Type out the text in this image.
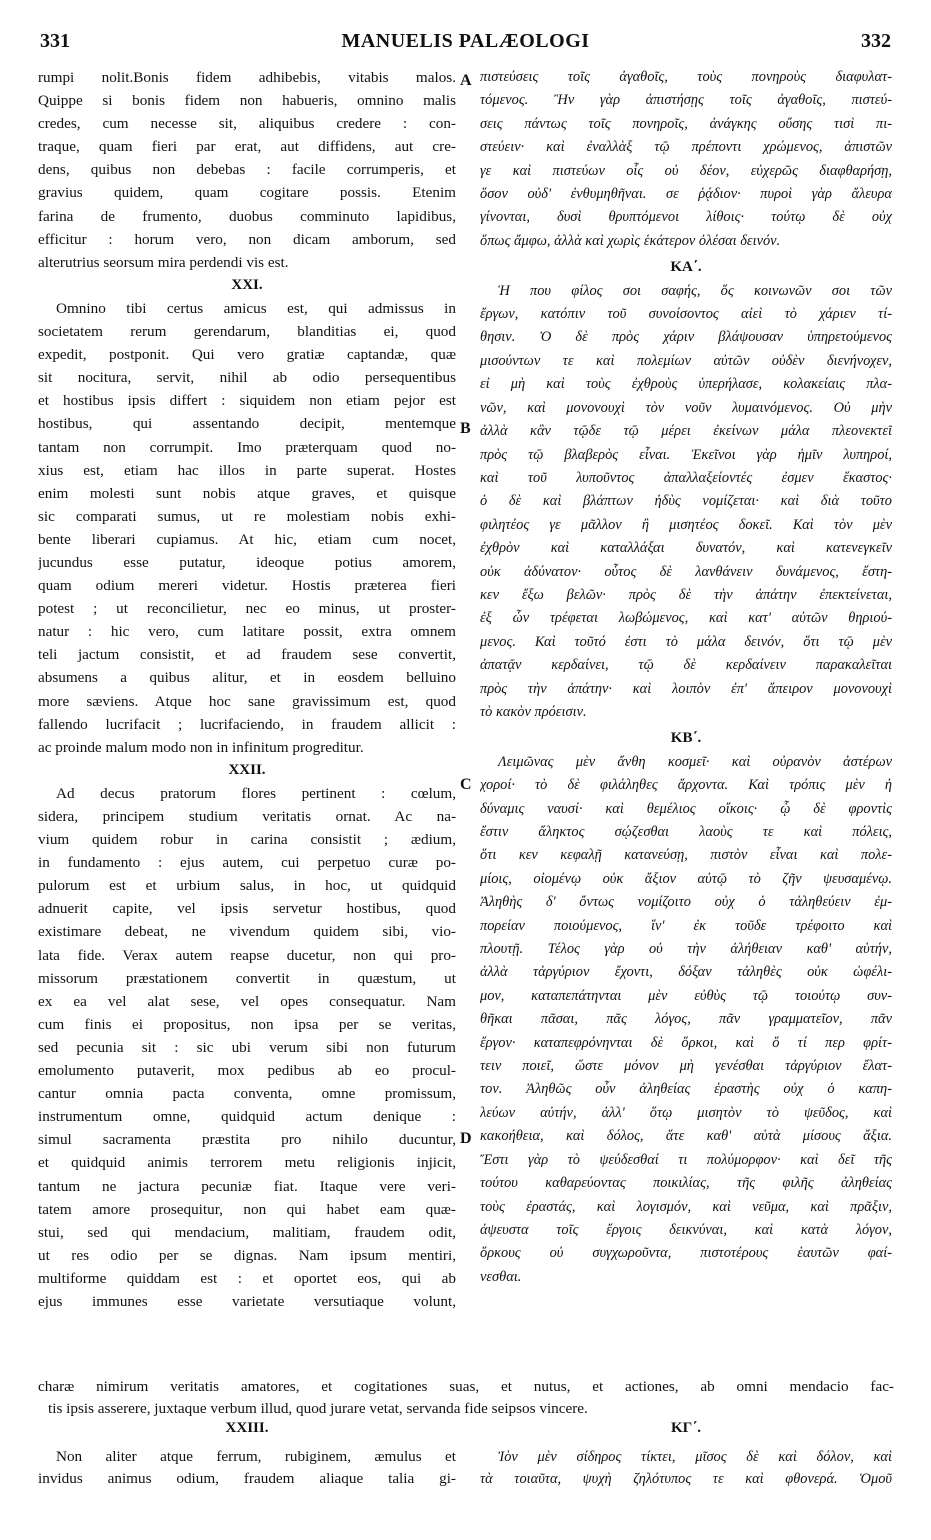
331	MANUELIS PALÆOLOGI	332
A
B
C
D
rumpi nolit.Bonis fidem adhibebis, vitabis malos.
Quippe si bonis fidem non habueris, omnino malis
credes, cum necesse sit, aliquibus credere : con-
traque, quam fieri par erat, aut diffidens, aut cre-
dens, quibus non debebas : facile corrumperis, et
gravius quidem, quam cogitare possis. Etenim
farina de frumento, duobus comminuto lapidibus,
efficitur : horum vero, non dicam amborum, sed
alterutrius seorsum mira perdendi vis est.
XXI.
Omnino tibi certus amicus est, qui admissus in
societatem rerum gerendarum, blanditias ei, quod
expedit, postponit. Qui vero gratiæ captandæ, quæ
sit nocitura, servit, nihil ab odio persequentibus
et hostibus ipsis differt : siquidem non etiam pejor est
hostibus, qui assentando decipit, mentemque
tantam non corrumpit. Imo præterquam quod no-
xius est, etiam hac illos in parte superat. Hostes
enim molesti sunt nobis atque graves, et quisque
sic comparati sumus, ut re molestiam nobis exhi-
bente liberari cupiamus. At hic, etiam cum nocet,
jucundus esse putatur, ideoque potius amorem,
quam odium mereri videtur. Hostis præterea fieri
potest ; ut reconcilietur, nec eo minus, ut proster-
natur : hic vero, cum latitare possit, extra omnem
teli jactum consistit, et ad fraudem sese convertit,
absumens a quibus alitur, et in eosdem belluino
more sæviens. Atque hoc sane gravissimum est, quod
fallendo lucrifacit ; lucrifaciendo, in fraudem allicit :
ac proinde malum modo non in infinitum progreditur.
XXII.
Ad decus pratorum flores pertinent : cœlum,
sidera, principem studium veritatis ornat. Ac na-
vium quidem robur in carina consistit ; ædium,
in fundamento : ejus autem, cui perpetuo curæ po-
pulorum est et urbium salus, in hoc, ut quidquid
adnuerit capite, vel ipsis servetur hostibus, quod
existimare debeat, ne vivendum quidem sibi, vio-
lata fide. Verax autem reapse ducetur, non qui pro-
missorum præstationem convertit in quæstum, ut
ex ea vel alat sese, vel opes consequatur. Nam
cum finis ei propositus, non ipsa per se veritas,
sed pecunia sit : sic ubi verum sibi non futurum
emolumento putaverit, mox pedibus ab eo procul-
cantur omnia pacta conventa, omne promissum,
instrumentum omne, quidquid actum denique :
simul sacramenta præstita pro nihilo ducuntur,
et quidquid animis terrorem metu religionis injicit,
tantum ne jactura pecuniæ fiat. Itaque vere veri-
tatem amore prosequitur, non qui habet eam quæ-
stui, sed qui mendacium, malitiam, fraudem odit,
ut res odio per se dignas. Nam ipsum mentiri,
multiforme quiddam est : et oportet eos, qui ab
ejus immunes esse varietate versutiaque volunt,
πιστεύσεις τοῖς ἀγαθοῖς, τοὺς πονηροὺς διαφυλατ-
τόμενος. Ἢν γὰρ ἀπιστήσῃς τοῖς ἀγαθοῖς, πιστεύ-
σεις πάντως τοῖς πονηροῖς, ἀνάγκης οὔσης τισὶ πι-
στεύειν· καὶ ἐναλλὰξ τῷ πρέποντι χρώμενος, ἀπιστῶν
γε καὶ πιστεύων οἷς οὐ δέον, εὐχερῶς διαφθαρήσῃ,
ὅσον οὐδ' ἐνθυμηθῆναι. σε ῥᾴδιον· πυροὶ γὰρ ἄλευρα
γίνονται, δυσὶ θρυπτόμενοι λίθοις· τούτῳ δὲ οὐχ
ὅπως ἄμφω, ἀλλὰ καὶ χωρὶς ἑκάτερον ὀλέσαι δεινόν.
ΚΑ΄.
Ἡ που φίλος σοι σαφής, ὅς κοινωνῶν σοι τῶν
ἔργων, κατόπιν τοῦ συνοίσοντος αἰεὶ τὸ χάριεν τί-
θησιν. Ὁ δὲ πρὸς χάριν βλάψουσαν ὑπηρετούμενος
μισούντων τε καὶ πολεμίων αὐτῶν οὐδὲν διενήνοχεν,
εἰ μὴ καὶ τοὺς ἐχθροὺς ὑπερήλασε, κολακείαις πλα-
νῶν, καὶ μονονουχὶ τὸν νοῦν λυμαινόμενος. Οὐ μὴν
ἀλλὰ κἂν τῷδε τῷ μέρει ἐκείνων μάλα πλεονεκτεῖ
πρὸς τῷ βλαβερὸς εἶναι. Ἐκεῖνοι γὰρ ἡμῖν λυπηροί,
καὶ τοῦ λυποῦντος ἀπαλλαξείοντές ἐσμεν ἕκαστος·
ὁ δὲ καὶ βλάπτων ἡδὺς νομίζεται· καὶ διὰ τοῦτο
φιλητέος γε μᾶλλον ἢ μισητέος δοκεῖ. Καὶ τὸν μὲν
ἐχθρὸν καὶ καταλλάξαι δυνατόν, καὶ κατενεγκεῖν
οὐκ ἀδύνατον· οὗτος δὲ λανθάνειν δυνάμενος, ἔστη-
κεν ἔξω βελῶν· πρὸς δὲ τὴν ἀπάτην ἐπεκτείνεται,
ἐξ ὧν τρέφεται λωβώμενος, καὶ κατ' αὐτῶν θηριού-
μενος. Καὶ τοῦτό ἐστι τὸ μάλα δεινόν, ὅτι τῷ μὲν
ἀπατᾷν κερδαίνει, τῷ δὲ κερδαίνειν παρακαλεῖται
πρὸς τὴν ἀπάτην· καὶ λοιπὸν ἐπ' ἄπειρον μονονουχὶ
τὸ κακὸν πρόεισιν.
ΚΒ΄.
Λειμῶνας μὲν ἄνθη κοσμεῖ· καὶ οὐρανὸν ἀστέρων
χοροί· τὸ δὲ φιλάληθες ἄρχοντα. Καὶ τρόπις μὲν ἡ
δύναμις ναυσί· καὶ θεμέλιος οἴκοις· ᾧ δὲ φροντὶς
ἔστιν ἄληκτος σῴζεσθαι λαοὺς τε καὶ πόλεις,
ὅτι κεν κεφαλῇ κατανεύσῃ, πιστὸν εἶναι καὶ πολε-
μίοις, οἰομένῳ οὐκ ἄξιον αὐτῷ τὸ ζῆν ψευσαμένῳ.
Ἀληθὴς δ' ὄντως νομίζοιτο οὐχ ὁ τἀληθεύειν ἐμ-
πορείαν ποιούμενος, ἵν' ἐκ τοῦδε τρέφοιτο καὶ
πλουτῇ. Τέλος γὰρ οὐ τὴν ἀλήθειαν καθ' αὑτήν,
ἀλλὰ τἀργύριον ἔχοντι, δόξαν τἀληθὲς οὐκ ὠφέλι-
μον, καταπεπάτηνται μὲν εὐθὺς τῷ τοιούτῳ συν-
θῆκαι πᾶσαι, πᾶς λόγος, πᾶν γραμματεῖον, πᾶν
ἔργον· καταπεφρόνηνται δὲ ὅρκοι, καὶ ὅ τί περ φρίτ-
τειν ποιεῖ, ὥστε μόνον μὴ γενέσθαι τἀργύριον ἔλατ-
τον. Ἀληθῶς οὖν ἀληθείας ἐραστὴς οὐχ ὁ καπη-
λεύων αὐτήν, ἀλλ' ὅτῳ μισητὸν τὸ ψεῦδος, καὶ
κακοήθεια, καὶ δόλος, ἅτε καθ' αὑτὰ μίσους ἄξια.
Ἔστι γὰρ τὸ ψεύδεσθαί τι πολύμορφον· καὶ δεῖ τῆς
τούτου καθαρεύοντας ποικιλίας, τῆς φιλῆς ἀληθείας
τοὺς ἐραστάς, καὶ λογισμόν, καὶ νεῦμα, καὶ πρᾶξιν,
ἀψευστα τοῖς ἔργοις δεικνύναι, καὶ κατὰ λόγον,
ὅρκους οὐ συγχωροῦντα, πιστοτέρους ἑαυτῶν φαί-
νεσθαι.
charæ nimirum veritatis amatores, et cogitationes suas, et nutus, et actiones, ab omni mendacio fac-
tis ipsis asserere, juxtaque verbum illud, quod jurare vetat, servanda fide seipsos vincere.
XXIII.	ΚΓ΄.
Non aliter atque ferrum, rubiginem, æmulus et
invidus animus odium, fraudem aliaque talia gi-
Ἰὸν μὲν σίδηρος τίκτει, μῖσος δὲ καὶ δόλον, καὶ
τὰ τοιαῦτα, ψυχὴ ζηλότυπος τε καὶ φθονερά. Ὁμοῦ
